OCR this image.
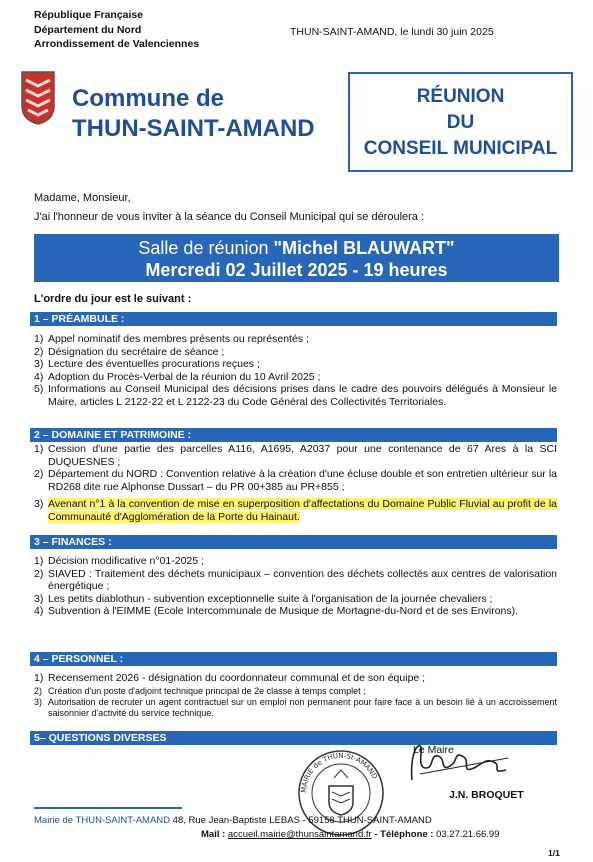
République Française
Département du Nord
Arrondissement de Valenciennes
THUN-SAINT-AMAND, le lundi 30 juin 2025
Commune de
THUN-SAINT-AMAND
RÉUNION
DU
CONSEIL MUNICIPAL
Madame, Monsieur,
J'ai l'honneur de vous inviter à la séance du Conseil Municipal qui se déroulera :
Salle de réunion "Michel BLAUWART"
Mercredi 02 Juillet 2025 - 19 heures
L'ordre du jour est le suivant :
1 – PRÉAMBULE :
1) Appel nominatif des membres présents ou représentés ;
2) Désignation du secrétaire de séance ;
3) Lecture des éventuelles procurations reçues ;
4) Adoption du Procès-Verbal de la réunion du 10 Avril 2025 ;
5) Informations au Conseil Municipal des décisions prises dans le cadre des pouvoirs délégués à Monsieur le Maire, articles L 2122-22 et L 2122-23 du Code Général des Collectivités Territoriales.
2 – DOMAINE ET PATRIMOINE :
1) Cession d'une partie des parcelles A116, A1695, A2037 pour une contenance de 67 Ares à la SCI DUQUESNES ;
2) Département du NORD : Convention relative à la création d'une écluse double et son entretien ultérieur sur la RD268 dite rue Alphonse Dussart – du PR 00+385 au PR+855 ;
3) Avenant n°1 à la convention de mise en superposition d'affectations du Domaine Public Fluvial au profit de la Communauté d'Agglomération de la Porte du Hainaut.
3 – FINANCES :
1) Décision modificative n°01-2025 ;
2) SIAVED : Traitement des déchets municipaux – convention des déchets collectés aux centres de valorisation énergétique ;
3) Les petits diablothun - subvention exceptionnelle suite à l'organisation de la journée chevaliers ;
4) Subvention à l'EIMME (Ecole Intercommunale de Musique de Mortagne-du-Nord et de ses Environs).
4 – PERSONNEL :
1) Recensement 2026 - désignation du coordonnateur communal et de son équipe ;
2) Création d'un poste d'adjoint technique principal de 2e classe à temps complet ;
3) Autorisation de recruter un agent contractuel sur un emploi non permanent pour faire face à un besoin lié à un accroissement saisonnier d'activité du service technique.
5– QUESTIONS DIVERSES
MAIRIE de THUN-St-AMAND
Le Maire
J.N. BROQUET
Mairie de THUN-SAINT-AMAND 48, Rue Jean-Baptiste LEBAS - 59158 THUN-SAINT-AMAND
Mail : accueil.mairie@thunsaintamand.fr - Téléphone : 03.27.21.66.99
1/1
